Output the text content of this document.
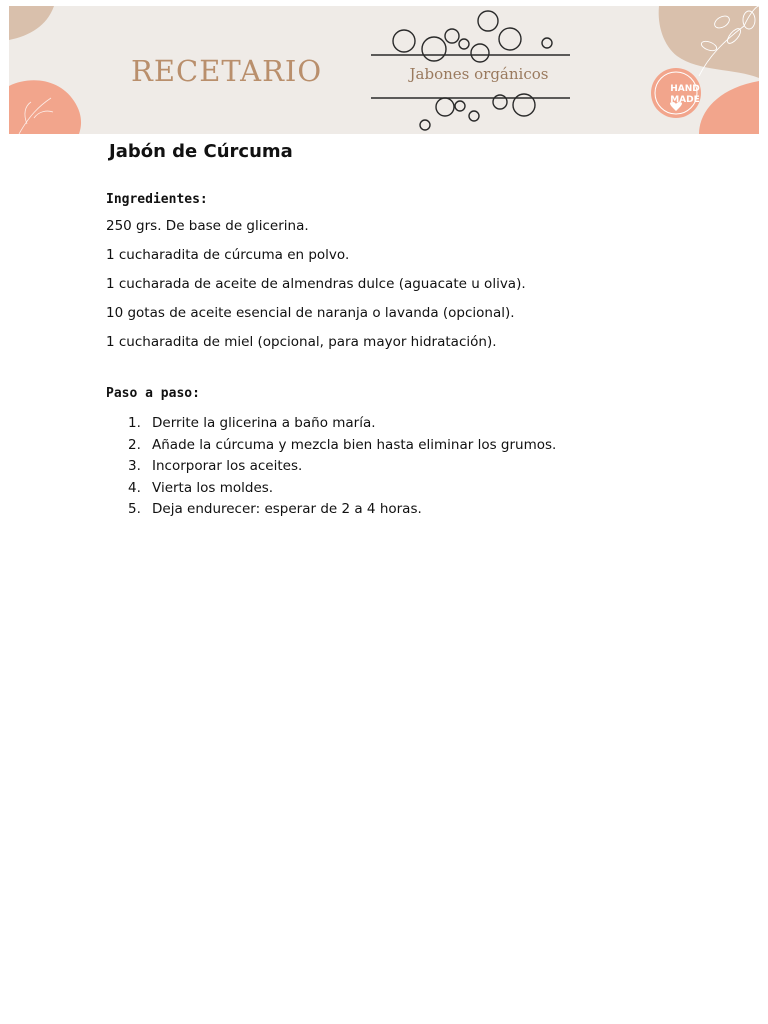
RECETARIO	Jabones orgánicos
HAND
MADE
Jabón de Cúrcuma
Ingredientes:
250 grs. De base de glicerina.
1 cucharadita de cúrcuma en polvo.
1 cucharada de aceite de almendras dulce (aguacate u oliva).
10 gotas de aceite esencial de naranja o lavanda (opcional).
1 cucharadita de miel (opcional, para mayor hidratación).
Paso a paso:
1. Derrite la glicerina a baño maría.
2. Añade la cúrcuma y mezcla bien hasta eliminar los grumos.
3. Incorporar los aceites.
4. Vierta los moldes.
5. Deja endurecer: esperar de 2 a 4 horas.
